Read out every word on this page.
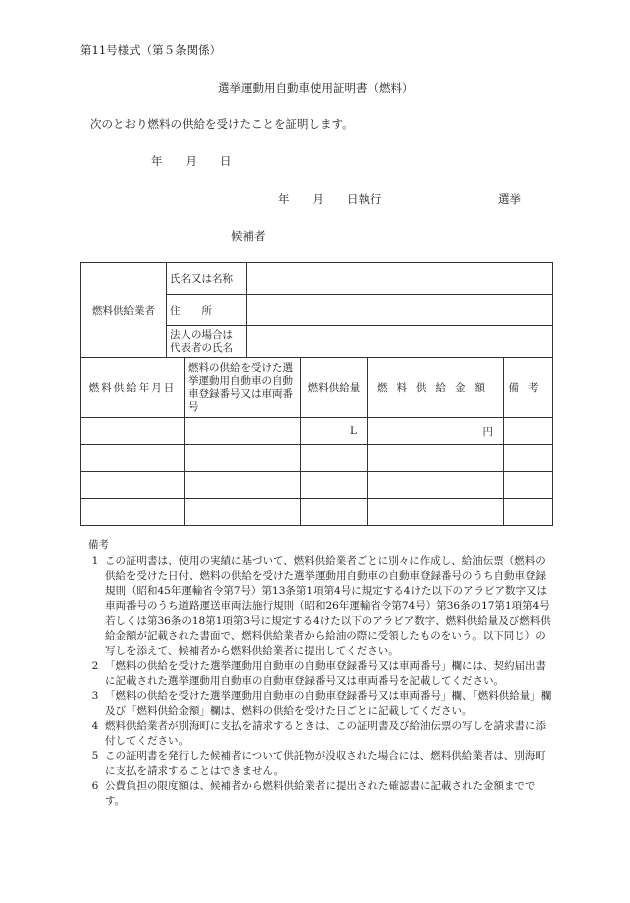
第11号様式（第５条関係）
選挙運動用自動車使用証明書（燃料）
次のとおり燃料の供給を受けたことを証明します。
年　　月　　日
年　　月　　日執行	選挙
候補者
燃料供給業者	氏名又は名称					
	住　　所					
	法人の場合は代表者の氏名					
燃料供給年月日		燃料の供給を受けた選挙運動用自動車の自動車登録番号又は車両番号		燃料供給量	燃料供給金額	備考
				L	円	

備考
1 この証明書は、使用の実績に基づいて、燃料供給業者ごとに別々に作成し、給油伝票（燃料の供給を受けた日付、燃料の供給を受けた選挙運動用自動車の自動車登録番号のうち自動車登録規則（昭和45年運輸省令第7号）第13条第1項第4号に規定する4けた以下のアラビア数字又は車両番号のうち道路運送車両法施行規則（昭和26年運輸省令第74号）第36条の17第1項第4号若しくは第36条の18第1項第3号に規定する4けた以下のアラビア数字、燃料供給量及び燃料供給金額が記載された書面で、燃料供給業者から給油の際に受領したものをいう。以下同じ）の写しを添えて、候補者から燃料供給業者に提出してください。
2 「燃料の供給を受けた選挙運動用自動車の自動車登録番号又は車両番号」欄には、契約届出書に記載された選挙運動用自動車の自動車登録番号又は車両番号を記載してください。
3 「燃料の供給を受けた選挙運動用自動車の自動車登録番号又は車両番号」欄、「燃料供給量」欄及び「燃料供給金額」欄は、燃料の供給を受けた日ごとに記載してください。
4 燃料供給業者が別海町に支払を請求するときは、この証明書及び給油伝票の写しを請求書に添付してください。
5 この証明書を発行した候補者について供託物が没収された場合には、燃料供給業者は、別海町に支払を請求することはできません。
6 公費負担の限度額は、候補者から燃料供給業者に提出された確認書に記載された金額までです。
